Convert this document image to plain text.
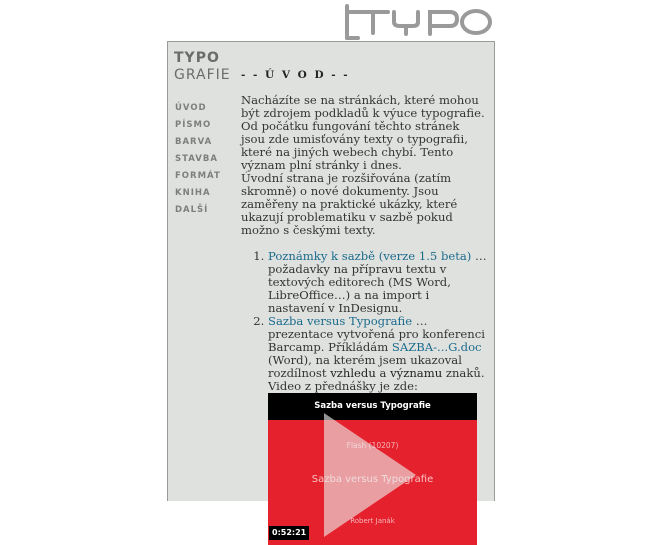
TYPO
GRAFIE
ÚVOD
PÍSMO
BARVA
STAVBA
FORMÁT
KNIHA
DALŠÍ
- - Ú V O D - -

Nacházíte se na stránkách, které mohou být zdrojem podkladů k výuce typografie.
Od počátku fungování těchto stránek jsou zde umisťovány texty o typografii, které na jiných webech chybí. Tento význam plní stránky i dnes.
Úvodní strana je rozšiřována (zatím skromně) o nové dokumenty. Jsou zaměřeny na praktické ukázky, které ukazují problematiku v sazbě pokud možno s českými texty.

1. Poznámky k sazbě (verze 1.5 beta) …požadavky na přípravu textu v textových editorech (MS Word, LibreOffice…) a na import i nastavení v InDesignu.
2. Sazba versus Typografie …prezentace vytvořená pro konferenci Barcamp. Příkládám SAZBA-...G.doc (Word), na kterém jsem ukazoval rozdílnost vzhledu a významu znaků. Video z přednášky je zde:
Sazba versus Typografie
Flash (10207)
Sazba versus Typografie
Robert Janák
0:52:21
